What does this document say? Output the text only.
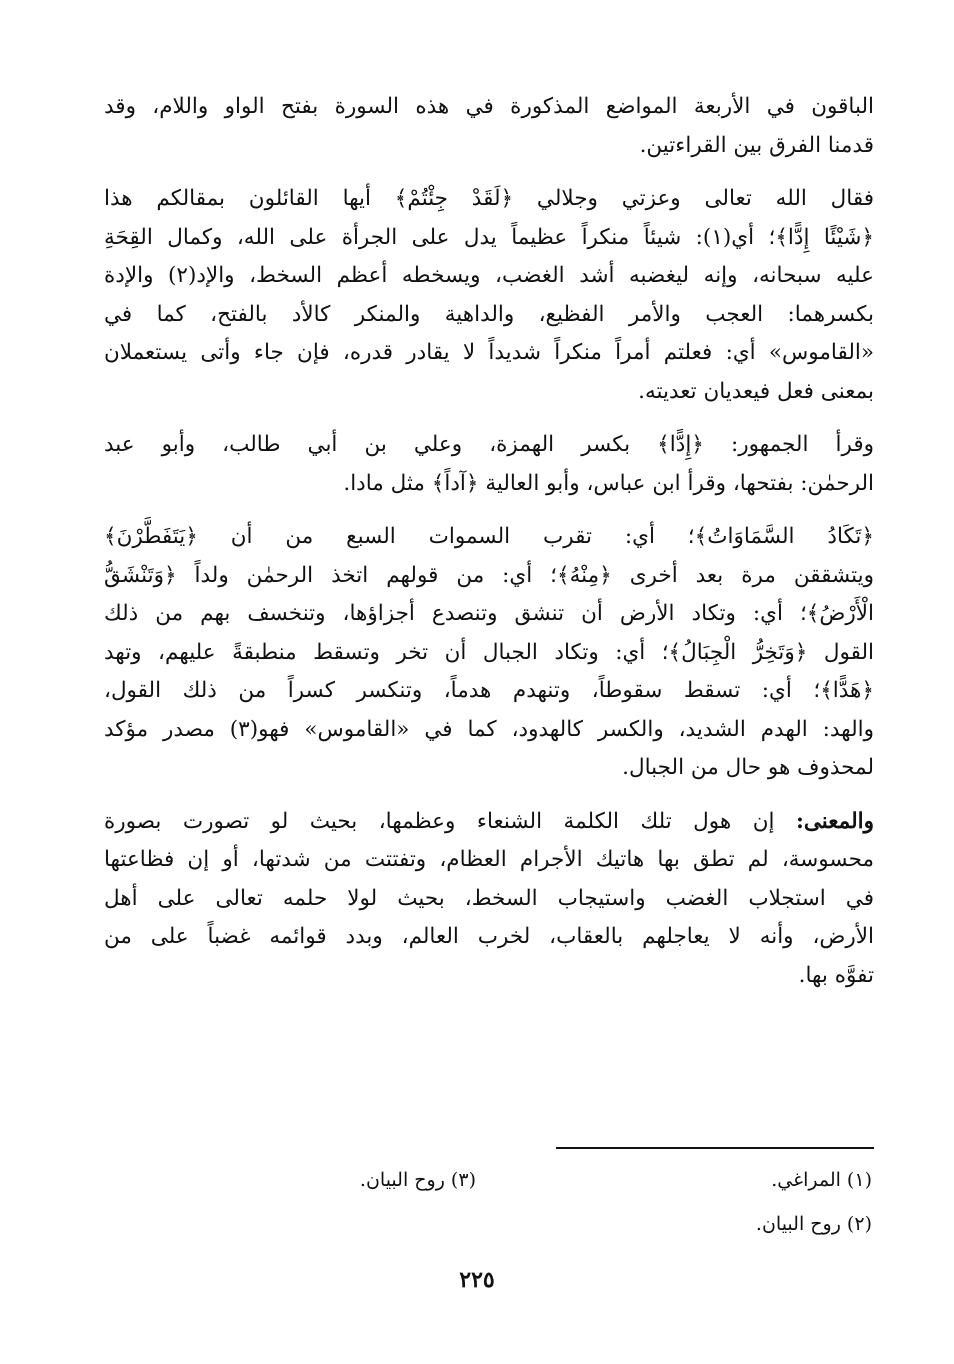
الباقون في الأربعة المواضع المذكورة في هذه السورة بفتح الواو واللام، وقد
قدمنا الفرق بين القراءتين.

فقال الله تعالى وعزتي وجلالي ﴿لَقَدْ جِئْتُمْ﴾ أيها القائلون بمقالكم هذا
﴿شَيْئًا إِدًّا﴾؛ أي(١): شيئاً منكراً عظيماً يدل على الجرأة على الله، وكمال القِحَةِ
عليه سبحانه، وإنه ليغضبه أشد الغضب، ويسخطه أعظم السخط، والإد(٢) والإدة
بكسرهما: العجب والأمر الفظيع، والداهية والمنكر كالأد بالفتح، كما في
«القاموس» أي: فعلتم أمراً منكراً شديداً لا يقادر قدره، فإن جاء وأتى يستعملان
بمعنى فعل فيعديان تعديته.

وقرأ الجمهور: ﴿إِدًّا﴾ بكسر الهمزة، وعلي بن أبي طالب، وأبو عبد
الرحمٰن: بفتحها، وقرأ ابن عباس، وأبو العالية ﴿آداً﴾ مثل مادا.

﴿تَكَادُ السَّمَاوَاتُ﴾؛ أي: تقرب السموات السبع من أن ﴿يَتَفَطَّرْنَ﴾
ويتشققن مرة بعد أخرى ﴿مِنْهُ﴾؛ أي: من قولهم اتخذ الرحمٰن ولداً ﴿وَتَنْشَقُّ
الْأَرْضُ﴾؛ أي: وتكاد الأرض أن تنشق وتنصدع أجزاؤها، وتنخسف بهم من ذلك
القول ﴿وَتَخِرُّ الْجِبَالُ﴾؛ أي: وتكاد الجبال أن تخر وتسقط منطبقةً عليهم، وتهد
﴿هَدًّا﴾؛ أي: تسقط سقوطاً، وتنهدم هدماً، وتنكسر كسراً من ذلك القول،
والهد: الهدم الشديد، والكسر كالهدود، كما في «القاموس» فهو(٣) مصدر مؤكد
لمحذوف هو حال من الجبال.

والمعنى: إن هول تلك الكلمة الشنعاء وعظمها، بحيث لو تصورت بصورة
محسوسة، لم تطق بها هاتيك الأجرام العظام، وتفتتت من شدتها، أو إن فظاعتها
في استجلاب الغضب واستيجاب السخط، بحيث لولا حلمه تعالى على أهل
الأرض، وأنه لا يعاجلهم بالعقاب، لخرب العالم، وبدد قوائمه غضباً على من
تفوَّه بها.

(١) المراغي.
(٣) روح البيان.
(٢) روح البيان.
٢٢٥
